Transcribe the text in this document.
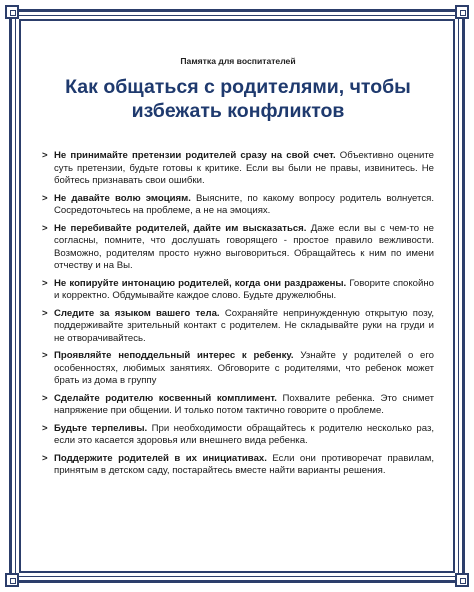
Памятка для воспитателей

Как общаться с родителями, чтобы
избежать конфликтов
> Не принимайте претензии родителей сразу на свой счет. Объективно оцените суть претензии, будьте готовы к критике. Если вы были не правы, извинитесь. Не бойтесь признавать свои ошибки.
> Не давайте волю эмоциям. Выясните, по какому вопросу родитель волнуется. Сосредоточьтесь на проблеме, а не на эмоциях.
> Не перебивайте родителей, дайте им высказаться. Даже если вы с чем-то не согласны, помните, что дослушать говорящего - простое правило вежливости. Возможно, родителям просто нужно выговориться. Обращайтесь к ним по имени отчеству и на Вы.
> Не копируйте интонацию родителей, когда они раздражены. Говорите спокойно и корректно. Обдумывайте каждое слово. Будьте дружелюбны.
> Следите за языком вашего тела. Сохраняйте непринужденную открытую позу, поддерживайте зрительный контакт с родителем. Не складывайте руки на груди и не отворачивайтесь.
> Проявляйте неподдельный интерес к ребенку. Узнайте у родителей о его особенностях, любимых занятиях. Обговорите с родителями, что ребенок может брать из дома в группу
> Сделайте родителю косвенный комплимент. Похвалите ребенка. Это снимет напряжение при общении. И только потом тактично говорите о проблеме.
> Будьте терпеливы. При необходимости обращайтесь к родителю несколько раз, если это касается здоровья или внешнего вида ребенка.
> Поддержите родителей в их инициативах. Если они противоречат правилам, принятым в детском саду, постарайтесь вместе найти варианты решения.
